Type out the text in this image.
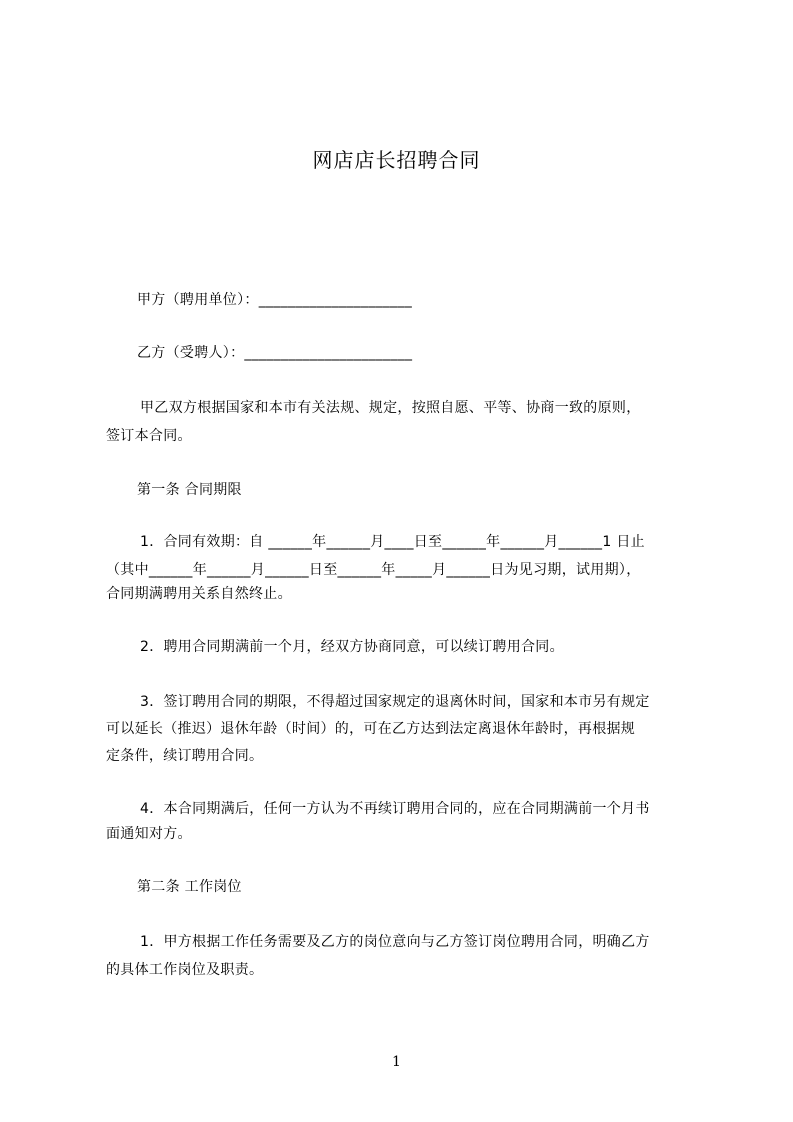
网店店长招聘合同
甲方（聘用单位）：_____________________
乙方（受聘人）：_______________________
甲乙双方根据国家和本市有关法规、规定，按照自愿、平等、协商一致的原则，
签订本合同。
第一条 合同期限
1．合同有效期：自 ______年______月____日至______年______月______1 日止
（其中______年______月______日至______年_____月______日为见习期，试用期），
合同期满聘用关系自然终止。
2．聘用合同期满前一个月，经双方协商同意，可以续订聘用合同。
3．签订聘用合同的期限，不得超过国家规定的退离休时间，国家和本市另有规定
可以延长（推迟）退休年龄（时间）的，可在乙方达到法定离退休年龄时，再根据规
定条件，续订聘用合同。
4．本合同期满后，任何一方认为不再续订聘用合同的，应在合同期满前一个月书
面通知对方。
第二条 工作岗位
1．甲方根据工作任务需要及乙方的岗位意向与乙方签订岗位聘用合同，明确乙方
的具体工作岗位及职责。
1
